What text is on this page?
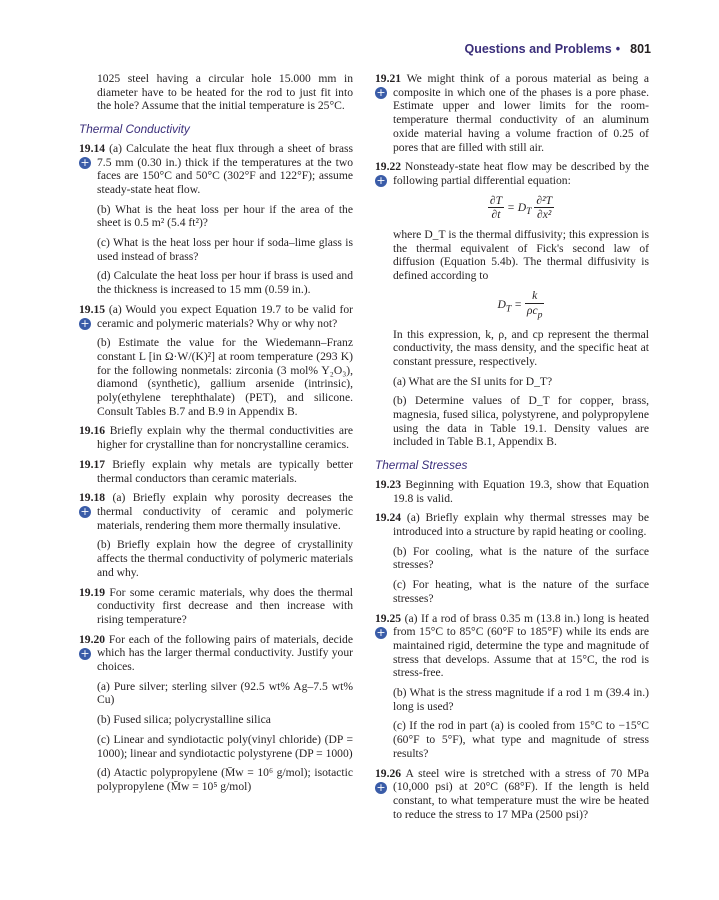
Questions and Problems • 801

1025 steel having a circular hole 15.000 mm in diameter have to be heated for the rod to just fit into the hole? Assume that the initial temperature is 25°C.

Thermal Conductivity
+
19.14 (a) Calculate the heat flux through a sheet of brass 7.5 mm (0.30 in.) thick if the temperatures at the two faces are 150°C and 50°C (302°F and 122°F); assume steady-state heat flow.
(b) What is the heat loss per hour if the area of the sheet is 0.5 m² (5.4 ft²)?
(c) What is the heat loss per hour if soda–lime glass is used instead of brass?
(d) Calculate the heat loss per hour if brass is used and the thickness is increased to 15 mm (0.59 in.).
+
19.15 (a) Would you expect Equation 19.7 to be valid for ceramic and polymeric materials? Why or why not?
(b) Estimate the value for the Wiedemann–Franz constant L [in Ω·W/(K)²] at room temperature (293 K) for the following nonmetals: zirconia (3 mol% Y₂O₃), diamond (synthetic), gallium arsenide (intrinsic), poly(ethylene terephthalate) (PET), and silicone. Consult Tables B.7 and B.9 in Appendix B.
19.16 Briefly explain why the thermal conductivities are higher for crystalline than for noncrystalline ceramics.
19.17 Briefly explain why metals are typically better thermal conductors than ceramic materials.
+
19.18 (a) Briefly explain why porosity decreases the thermal conductivity of ceramic and polymeric materials, rendering them more thermally insulative.
(b) Briefly explain how the degree of crystallinity affects the thermal conductivity of polymeric materials and why.
19.19 For some ceramic materials, why does the thermal conductivity first decrease and then increase with rising temperature?
+
19.20 For each of the following pairs of materials, decide which has the larger thermal conductivity. Justify your choices.
(a) Pure silver; sterling silver (92.5 wt% Ag–7.5 wt% Cu)
(b) Fused silica; polycrystalline silica
(c) Linear and syndiotactic poly(vinyl chloride) (DP = 1000); linear and syndiotactic polystyrene (DP = 1000)
(d) Atactic polypropylene (M̄w = 10⁶ g/mol); isotactic polypropylene (M̄w = 10⁵ g/mol)
+
19.21 We might think of a porous material as being a composite in which one of the phases is a pore phase. Estimate upper and lower limits for the room-temperature thermal conductivity of an aluminum oxide material having a volume fraction of 0.25 of pores that are filled with still air.
+
19.22 Nonsteady-state heat flow may be described by the following partial differential equation:
$\frac{\partial T}{\partial t} = D_T \frac{\text{∂²T}}{\text{∂x²}}$
where D_T is the thermal diffusivity; this expression is the thermal equivalent of Fick's second law of diffusion (Equation 5.4b). The thermal diffusivity is defined according to
$D_T = \frac{k}{\rho c_p}$
In this expression, k, ρ, and cp represent the thermal conductivity, the mass density, and the specific heat at constant pressure, respectively.
(a) What are the SI units for D_T?
(b) Determine values of D_T for copper, brass, magnesia, fused silica, polystyrene, and polypropylene using the data in Table 19.1. Density values are included in Table B.1, Appendix B.
Thermal Stresses
19.23 Beginning with Equation 19.3, show that Equation 19.8 is valid.
19.24 (a) Briefly explain why thermal stresses may be introduced into a structure by rapid heating or cooling.
(b) For cooling, what is the nature of the surface stresses?
(c) For heating, what is the nature of the surface stresses?
+
19.25 (a) If a rod of brass 0.35 m (13.8 in.) long is heated from 15°C to 85°C (60°F to 185°F) while its ends are maintained rigid, determine the type and magnitude of stress that develops. Assume that at 15°C, the rod is stress-free.
(b) What is the stress magnitude if a rod 1 m (39.4 in.) long is used?
(c) If the rod in part (a) is cooled from 15°C to −15°C (60°F to 5°F), what type and magnitude of stress results?
+
19.26 A steel wire is stretched with a stress of 70 MPa (10,000 psi) at 20°C (68°F). If the length is held constant, to what temperature must the wire be heated to reduce the stress to 17 MPa (2500 psi)?
